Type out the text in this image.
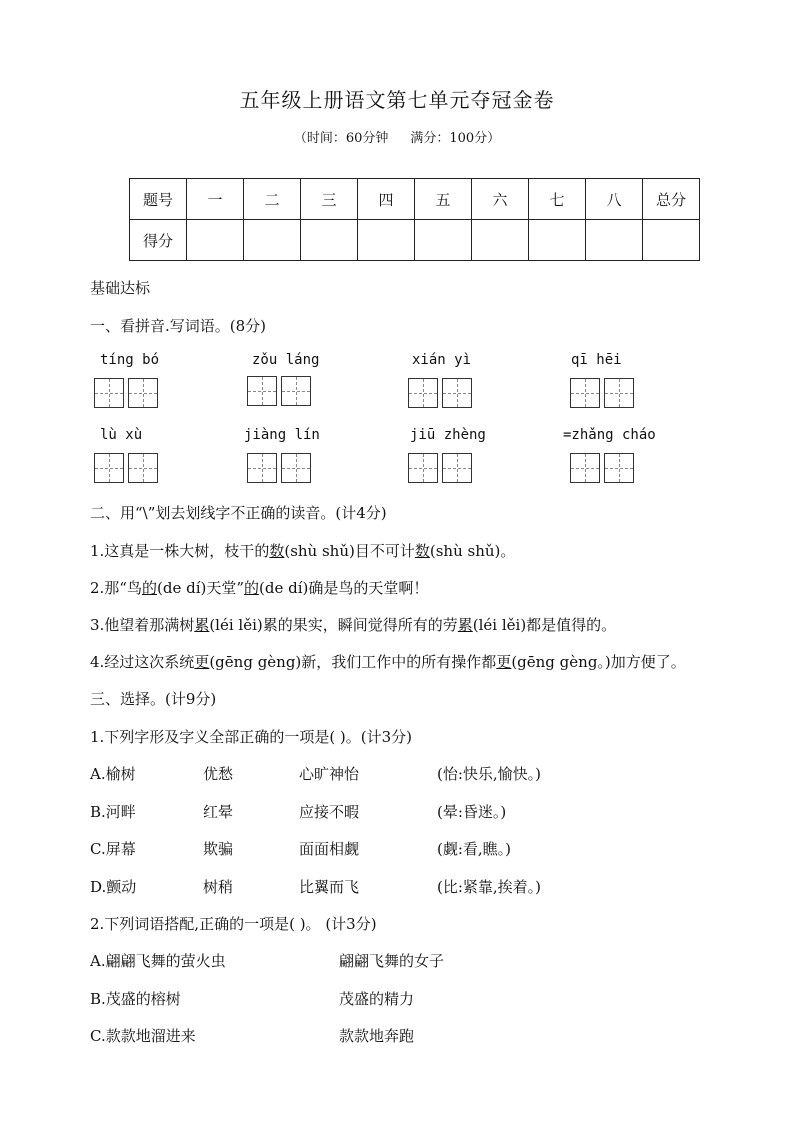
五年级上册语文第七单元夺冠金卷
（时间：60分钟 满分：100分）
题号	一	二	三	四	五	六	七	八	总分
得分									
基础达标
一、看拼音.写词语。(8分)
tíng bó	zǒu láng	xián yì	qī hēi
lù xù	jiàng lín	jiū zhèng	=zhǎng cháo
二、用“\”划去划线字不正确的读音。(计4分)
1.这真是一株大树，枝干的数(shù shǔ)目不可计数(shù shǔ)。
2.那“鸟的(de dí)天堂”的(de dí)确是鸟的天堂啊！
3.他望着那满树累(léi lěi)累的果实，瞬间觉得所有的劳累(léi lěi)都是值得的。
4.经过这次系统更(gēng gèng)新，我们工作中的所有操作都更(gēng gèng。)加方便了。
三、选择。(计9分)
1.下列字形及字义全部正确的一项是( )。(计3分)
A.榆树	优愁	心旷神怡	(怡:快乐,愉快。)
B.河畔	红晕	应接不暇	(晕:昏迷。)
C.屏幕	欺骗	面面相觑	(觑:看,瞧。)
D.颤动	树稍	比翼而飞	(比:紧靠,挨着。)
2.下列词语搭配,正确的一项是( )。 (计3分)
A.翩翩飞舞的萤火虫	翩翩飞舞的女子
B.茂盛的榕树	茂盛的精力
C.款款地溜进来	款款地奔跑
